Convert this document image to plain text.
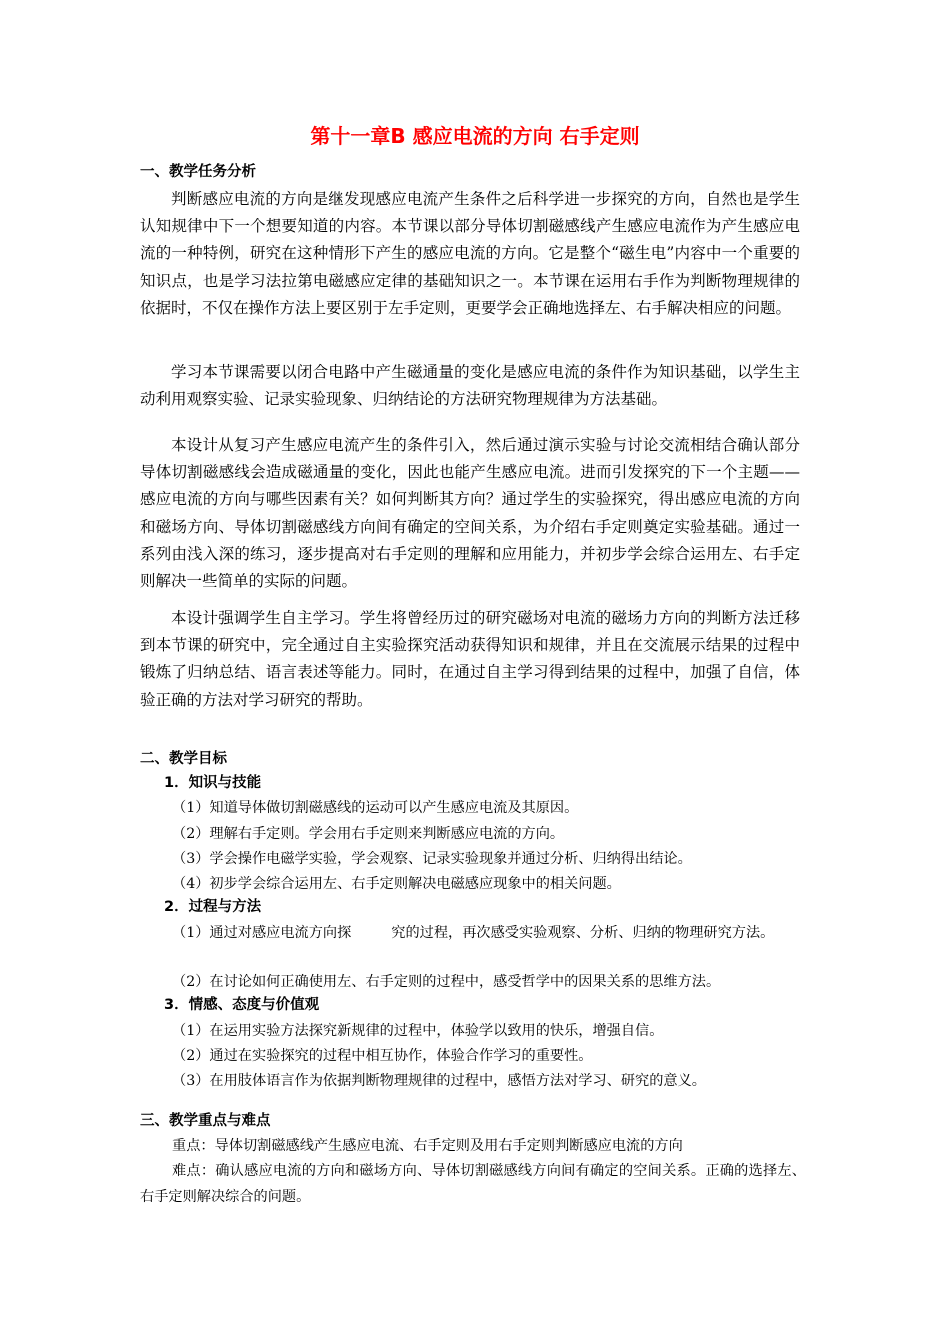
第十一章B 感应电流的方向 右手定则
一、教学任务分析
判断感应电流的方向是继发现感应电流产生条件之后科学进一步探究的方向，自然也是学生认知规律中下一个想要知道的内容。本节课以部分导体切割磁感线产生感应电流作为产生感应电流的一种特例，研究在这种情形下产生的感应电流的方向。它是整个“磁生电”内容中一个重要的知识点，也是学习法拉第电磁感应定律的基础知识之一。本节课在运用右手作为判断物理规律的依据时，不仅在操作方法上要区别于左手定则，更要学会正确地选择左、右手解决相应的问题。
学习本节课需要以闭合电路中产生磁通量的变化是感应电流的条件作为知识基础，以学生主动利用观察实验、记录实验现象、归纳结论的方法研究物理规律为方法基础。
本设计从复习产生感应电流产生的条件引入，然后通过演示实验与讨论交流相结合确认部分导体切割磁感线会造成磁通量的变化，因此也能产生感应电流。进而引发探究的下一个主题——感应电流的方向与哪些因素有关？如何判断其方向？通过学生的实验探究，得出感应电流的方向和磁场方向、导体切割磁感线方向间有确定的空间关系，为介绍右手定则奠定实验基础。通过一系列由浅入深的练习，逐步提高对右手定则的理解和应用能力，并初步学会综合运用左、右手定则解决一些简单的实际的问题。
本设计强调学生自主学习。学生将曾经历过的研究磁场对电流的磁场力方向的判断方法迁移到本节课的研究中，完全通过自主实验探究活动获得知识和规律，并且在交流展示结果的过程中锻炼了归纳总结、语言表述等能力。同时，在通过自主学习得到结果的过程中，加强了自信，体验正确的方法对学习研究的帮助。
二、教学目标
1．知识与技能
（1）知道导体做切割磁感线的运动可以产生感应电流及其原因。
（2）理解右手定则。学会用右手定则来判断感应电流的方向。
（3）学会操作电磁学实验，学会观察、记录实验现象并通过分析、归纳得出结论。
（4）初步学会综合运用左、右手定则解决电磁感应现象中的相关问题。
2．过程与方法
（1）通过对感应电流方向探	究的过程，再次感受实验观察、分析、归纳的物理研究方法。
（2）在讨论如何正确使用左、右手定则的过程中，感受哲学中的因果关系的思维方法。
3．情感、态度与价值观
（1）在运用实验方法探究新规律的过程中，体验学以致用的快乐，增强自信。
（2）通过在实验探究的过程中相互协作，体验合作学习的重要性。
（3）在用肢体语言作为依据判断物理规律的过程中，感悟方法对学习、研究的意义。
三、教学重点与难点
重点：导体切割磁感线产生感应电流、右手定则及用右手定则判断感应电流的方向
难点：确认感应电流的方向和磁场方向、导体切割磁感线方向间有确定的空间关系。正确的选择左、右手定则解决综合的问题。
